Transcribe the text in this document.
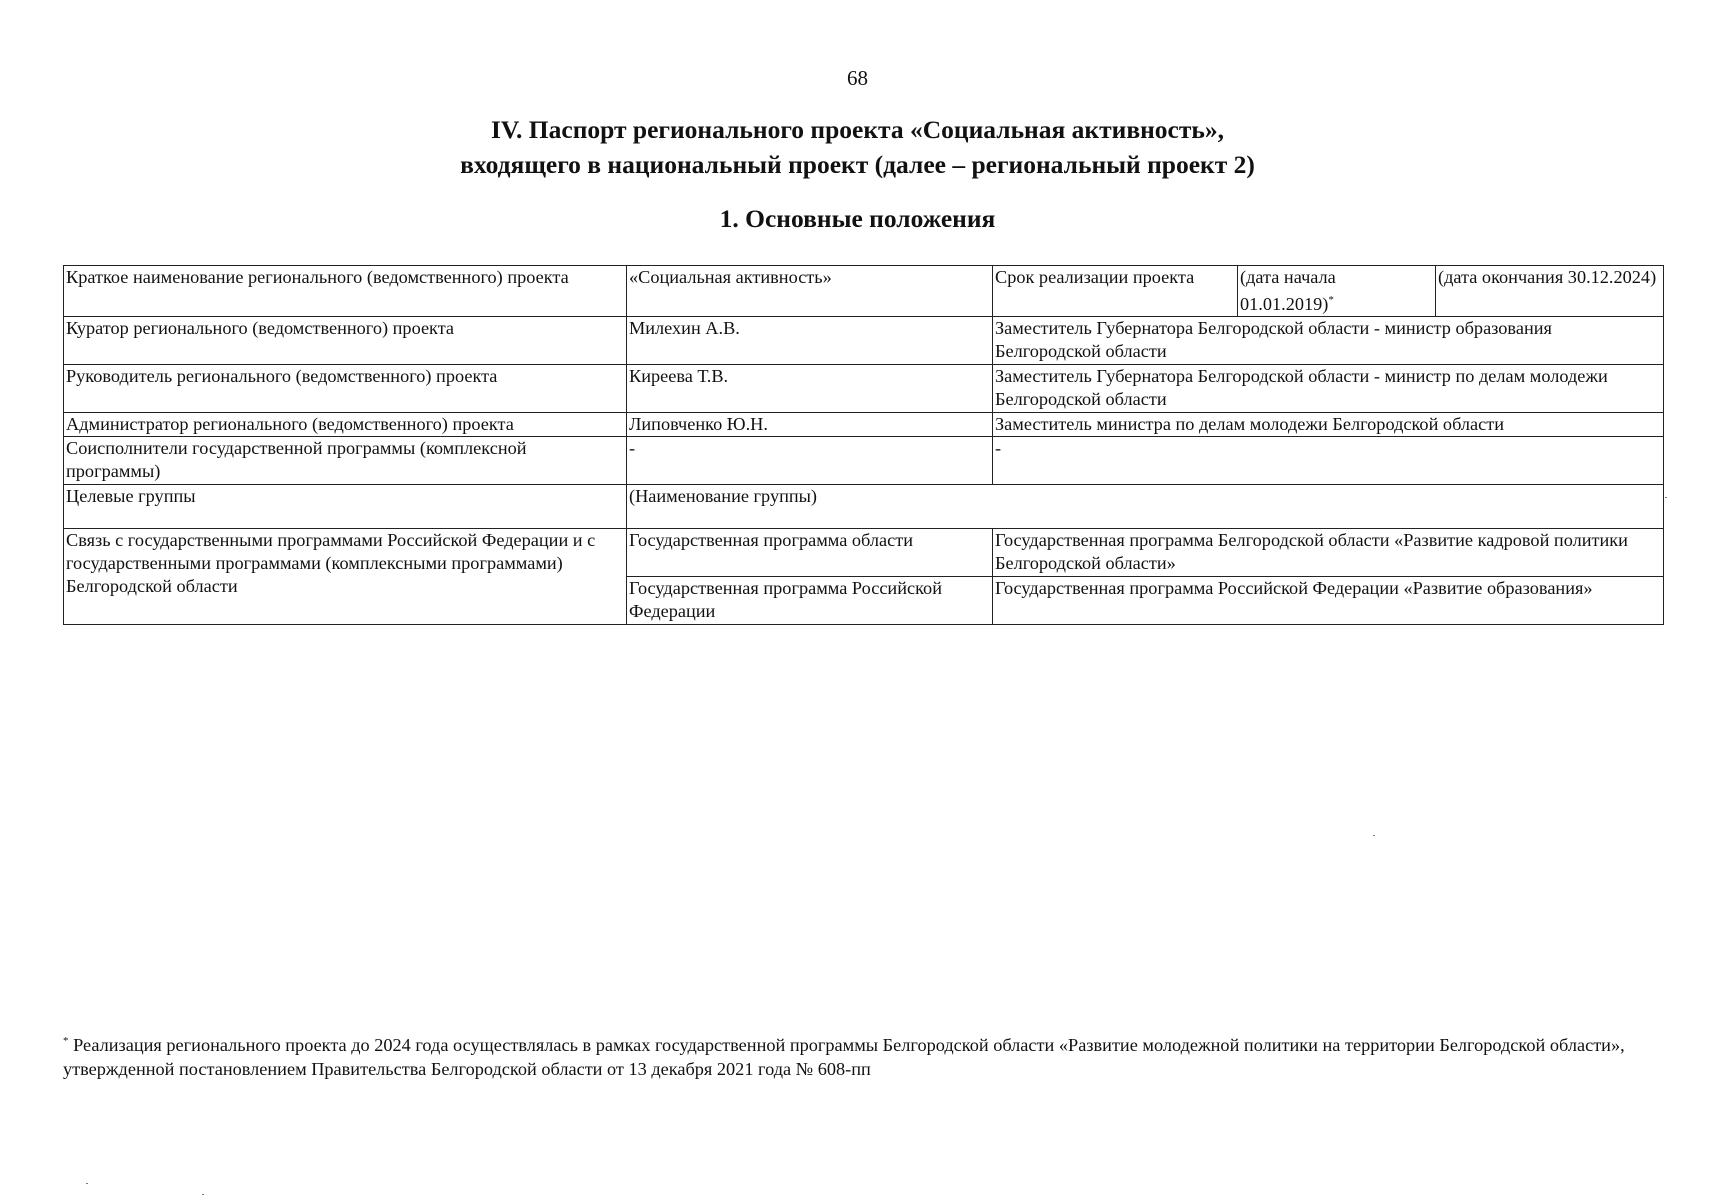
68
IV. Паспорт регионального проекта «Социальная активность»,
входящего в национальный проект (далее – региональный проект 2)
1. Основные положения
Краткое наименование регионального (ведомственного) проекта	«Социальная активность»	Срок реализации проекта	(дата начала 01.01.2019)*	(дата окончания 30.12.2024)
Куратор регионального (ведомственного) проекта	Милехин А.В.	Заместитель Губернатора Белгородской области - министр образования Белгородской области		
Руководитель регионального (ведомственного) проекта	Киреева Т.В.	Заместитель Губернатора Белгородской области - министр по делам молодежи Белгородской области		
Администратор регионального (ведомственного) проекта	Липовченко Ю.Н.	Заместитель министра по делам молодежи Белгородской области		
Соисполнители государственной программы (комплексной программы)	-	-		
Целевые группы	(Наименование группы)			
Связь с государственными программами Российской Федерации и с государственными программами (комплексными программами) Белгородской области	Государственная программа области	Государственная программа Белгородской области «Развитие кадровой политики Белгородской области»		
	Государственная программа Российской Федерации	Государственная программа Российской Федерации «Развитие образования»		
* Реализация регионального проекта до 2024 года осуществлялась в рамках государственной программы Белгородской области «Развитие молодежной политики на территории Белгородской области», утвержденной постановлением Правительства Белгородской области от 13 декабря 2021 года № 608-пп
